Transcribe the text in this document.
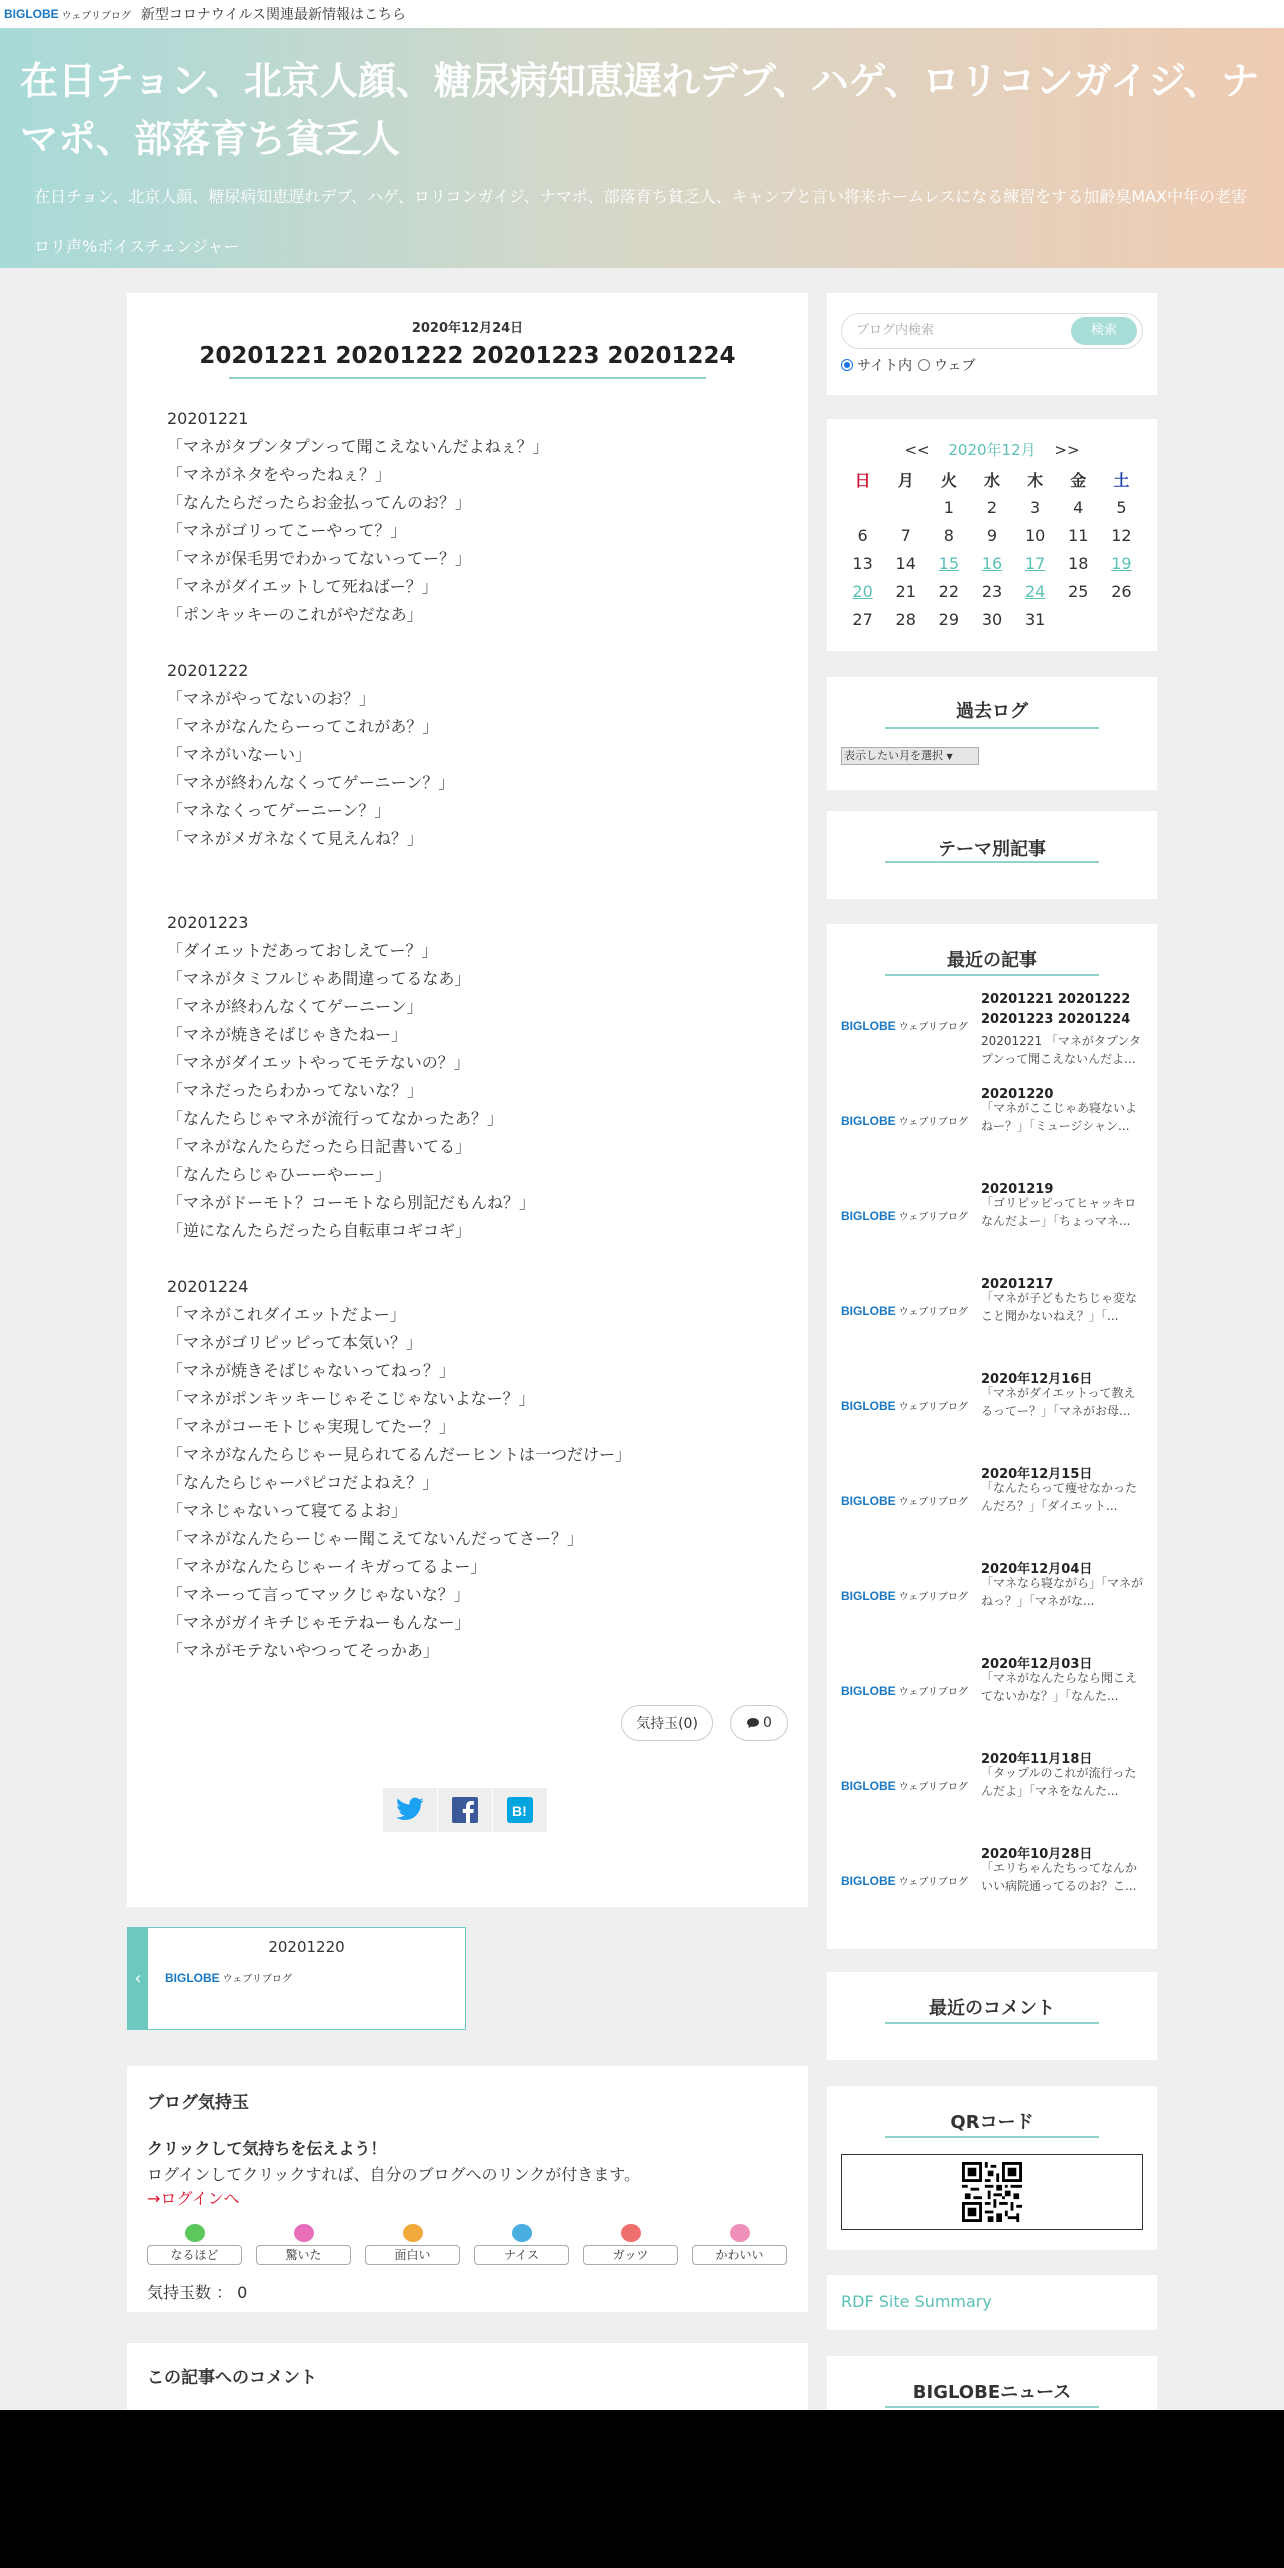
BIGLOBE ウェブリブログ 新型コロナウイルス関連最新情報はこちら
在日チョン、北京人顔、糖尿病知恵遅れデブ、ハゲ、ロリコンガイジ、ナマポ、部落育ち貧乏人
在日チョン、北京人顔、糖尿病知恵遅れデブ、ハゲ、ロリコンガイジ、ナマポ、部落育ち貧乏人、キャンプと言い将来ホームレスになる練習をする加齢臭MAX中年の老害
ロリ声%ボイスチェンジャー
2020年12月24日
20201221 20201222 20201223 20201224
20201221
「マネがタプンタプンって聞こえないんだよねぇ？」
「マネがネタをやったねぇ？」
「なんたらだったらお金払ってんのお？」
「マネがゴリってこーやって？」
「マネが保毛男でわかってないってー？」
「マネがダイエットして死ねばー？」
「ポンキッキーのこれがやだなあ」
20201222
「マネがやってないのお？」
「マネがなんたらーってこれがあ？」
「マネがいなーい」
「マネが終わんなくってゲーニーン？」
「マネなくってゲーニーン？」
「マネがメガネなくて見えんね？」
20201223
「ダイエットだあっておしえてー？」
「マネがタミフルじゃあ間違ってるなあ」
「マネが終わんなくてゲーニーン」
「マネが焼きそばじゃきたねー」
「マネがダイエットやってモテないの？」
「マネだったらわかってないな？」
「なんたらじゃマネが流行ってなかったあ？」
「マネがなんたらだったら日記書いてる」
「なんたらじゃひーーやーー」
「マネがドーモト？コーモトなら別記だもんね？」
「逆になんたらだったら自転車コギコギ」
20201224
「マネがこれダイエットだよー」
「マネがゴリピッピって本気い？」
「マネが焼きそばじゃないってねっ？」
「マネがポンキッキーじゃそこじゃないよなー？」
「マネがコーモトじゃ実現してたー？」
「マネがなんたらじゃー見られてるんだーヒントは一つだけー」
「なんたらじゃーパピコだよねえ？」
「マネじゃないって寝てるよお」
「マネがなんたらーじゃー聞こえてないんだってさー？」
「マネがなんたらじゃーイキガってるよー」
「マネーって言ってマックじゃないな？」
「マネがガイキチじゃモテねーもんなー」
「マネがモテないやつってそっかあ」
気持玉(0)	0
B!
‹
20201220
BIGLOBE ウェブリブログ
ブログ気持玉
クリックして気持ちを伝えよう！
ログインしてクリックすれば、自分のブログへのリンクが付きます。
→ログインへ
なるほど	驚いた	面白い	ナイス	ガッツ	かわいい
気持玉数 ： 0
この記事へのコメント
ブログ内検索	検索
サイト内 ウェブ
<< 2020年12月 >>
日	月	火	水	木	金	土
		1	2	3	4	5
6	7	8	9	10	11	12
13	14	15	16	17	18	19
20	21	22	23	24	25	26
27	28	29	30	31		
過去ログ
表示したい月を選択 ▼
テーマ別記事
最近の記事
BIGLOBE ウェブリブログ
20201221 20201222 20201223 20201224
20201221 「マネがタプンタプンって聞こえないんだよ...
BIGLOBE ウェブリブログ
20201220
「マネがここじゃあ寝ないよねー？」「ミュージシャン...
BIGLOBE ウェブリブログ
20201219
「ゴリピッピってヒャッキロなんだよー」「ちょっマネ...
BIGLOBE ウェブリブログ
20201217
「マネが子どもたちじゃ変なこと聞かないねえ？」「...
BIGLOBE ウェブリブログ
2020年12月16日
「マネがダイエットって教えるってー？」「マネがお母...
BIGLOBE ウェブリブログ
2020年12月15日
「なんたらって痩せなかったんだろ？」「ダイエット...
BIGLOBE ウェブリブログ
2020年12月04日
「マネなら寝ながら」「マネがねっ？」「マネがな...
BIGLOBE ウェブリブログ
2020年12月03日
「マネがなんたらなら聞こえてないかな？」「なんた...
BIGLOBE ウェブリブログ
2020年11月18日
「タップルのこれが流行ったんだよ」「マネをなんた...
BIGLOBE ウェブリブログ
2020年10月28日
「エリちゃんたちってなんかいい病院通ってるのお？こ...
最近のコメント
QRコード
RDF Site Summary
BIGLOBEニュース
